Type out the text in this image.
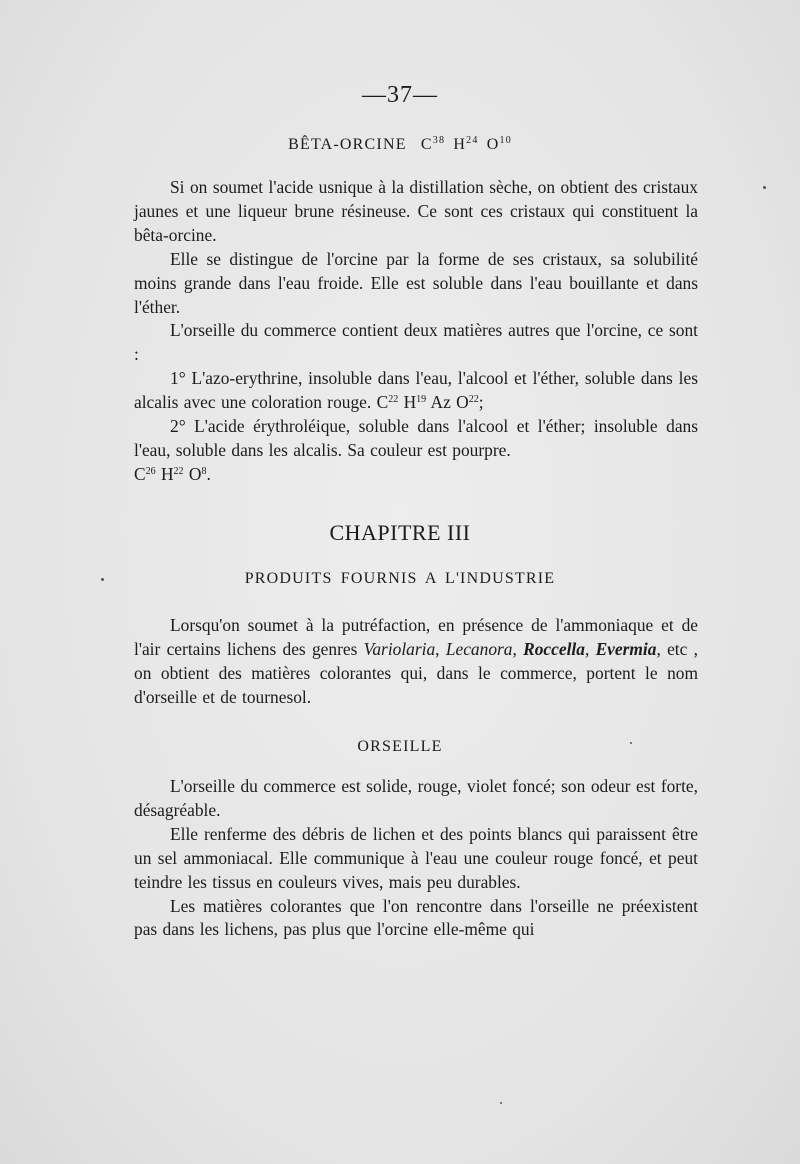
—37—
BÊTA-ORCINE $C^{38}$ $H^{24}$ $O^{10}$

Si on soumet l'acide usnique à la distillation sèche, on obtient des cristaux jaunes et une liqueur brune résineuse. Ce sont ces cristaux qui constituent la bêta-orcine.

Elle se distingue de l'orcine par la forme de ses cristaux, sa solubilité moins grande dans l'eau froide. Elle est soluble dans l'eau bouillante et dans l'éther.

L'orseille du commerce contient deux matières autres que l'orcine, ce sont :

1° L'azo-erythrine, insoluble dans l'eau, l'alcool et l'éther, soluble dans les alcalis avec une coloration rouge. $C^{22}$ $H^{19}$ Az $O^{22}$;

2° L'acide érythroléique, soluble dans l'alcool et l'éther; insoluble dans l'eau, soluble dans les alcalis. Sa couleur est pourpre.

$C^{26}$ $H^{22}$ $O^8$.

CHAPITRE III
PRODUITS FOURNIS A L'INDUSTRIE

Lorsqu'on soumet à la putréfaction, en présence de l'ammoniaque et de l'air certains lichens des genres Variolaria, Lecanora, Roccella, Evermia, etc , on obtient des matières colorantes qui, dans le commerce, portent le nom d'orseille et de tournesol.

ORSEILLE

L'orseille du commerce est solide, rouge, violet foncé; son odeur est forte, désagréable.

Elle renferme des débris de lichen et des points blancs qui paraissent être un sel ammoniacal. Elle communique à l'eau une couleur rouge foncé, et peut teindre les tissus en couleurs vives, mais peu durables.

Les matières colorantes que l'on rencontre dans l'orseille ne préexistent pas dans les lichens, pas plus que l'orcine elle-même qui
